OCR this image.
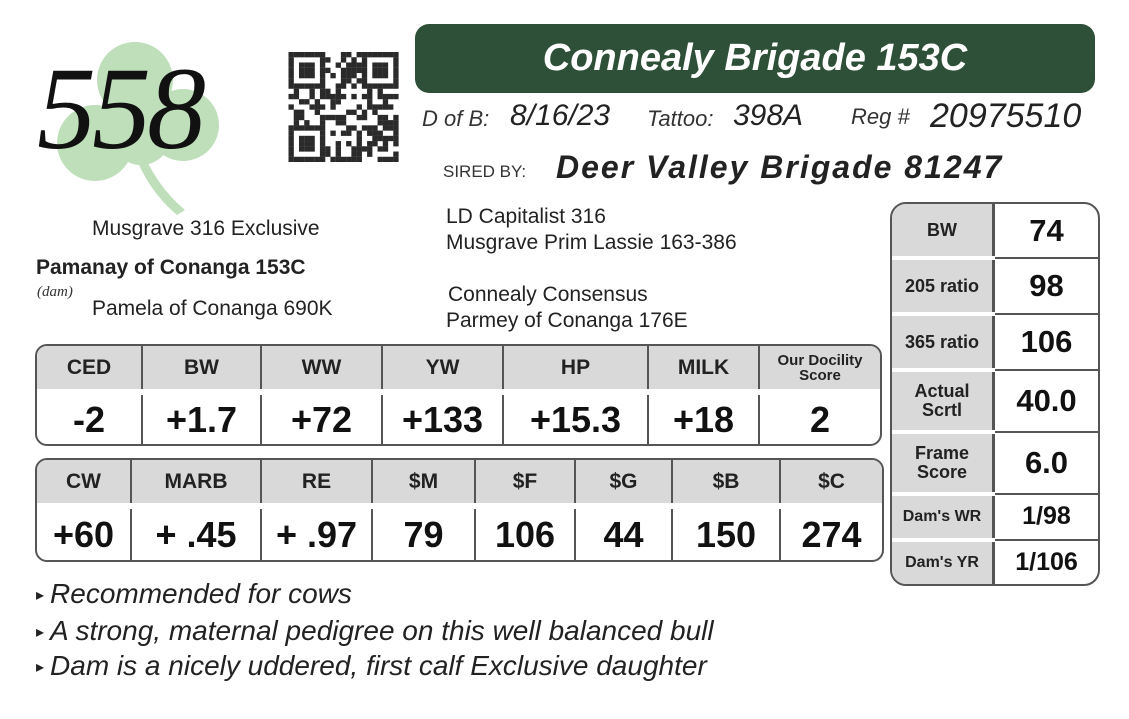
558	Connealy Brigade 153C
D of B: 8/16/23 Tattoo: 398A Reg # 20975510
SIRED BY: Deer Valley Brigade 81247
LD Capitalist 316
Musgrave Prim Lassie 163-386
Musgrave 316 Exclusive
Pamanay of Conanga 153C
(dam)
Pamela of Conanga 690K
Connealy Consensus
Parmey of Conanga 176E
CED	BW	WW	YW	HP	MILK	Our Docility Score
-2	+1.7	+72	+133	+15.3	+18	2
CW	MARB	RE	$M	$F	$G	$B	$C
+60	+ .45	+ .97	79	106	44	150	274
BW	74
205 ratio	98
365 ratio	106
Actual Scrtl	40.0
Frame Score	6.0
Dam's WR	1/98
Dam's YR	1/106
▸ Recommended for cows
▸ A strong, maternal pedigree on this well balanced bull
▸ Dam is a nicely uddered, first calf Exclusive daughter
